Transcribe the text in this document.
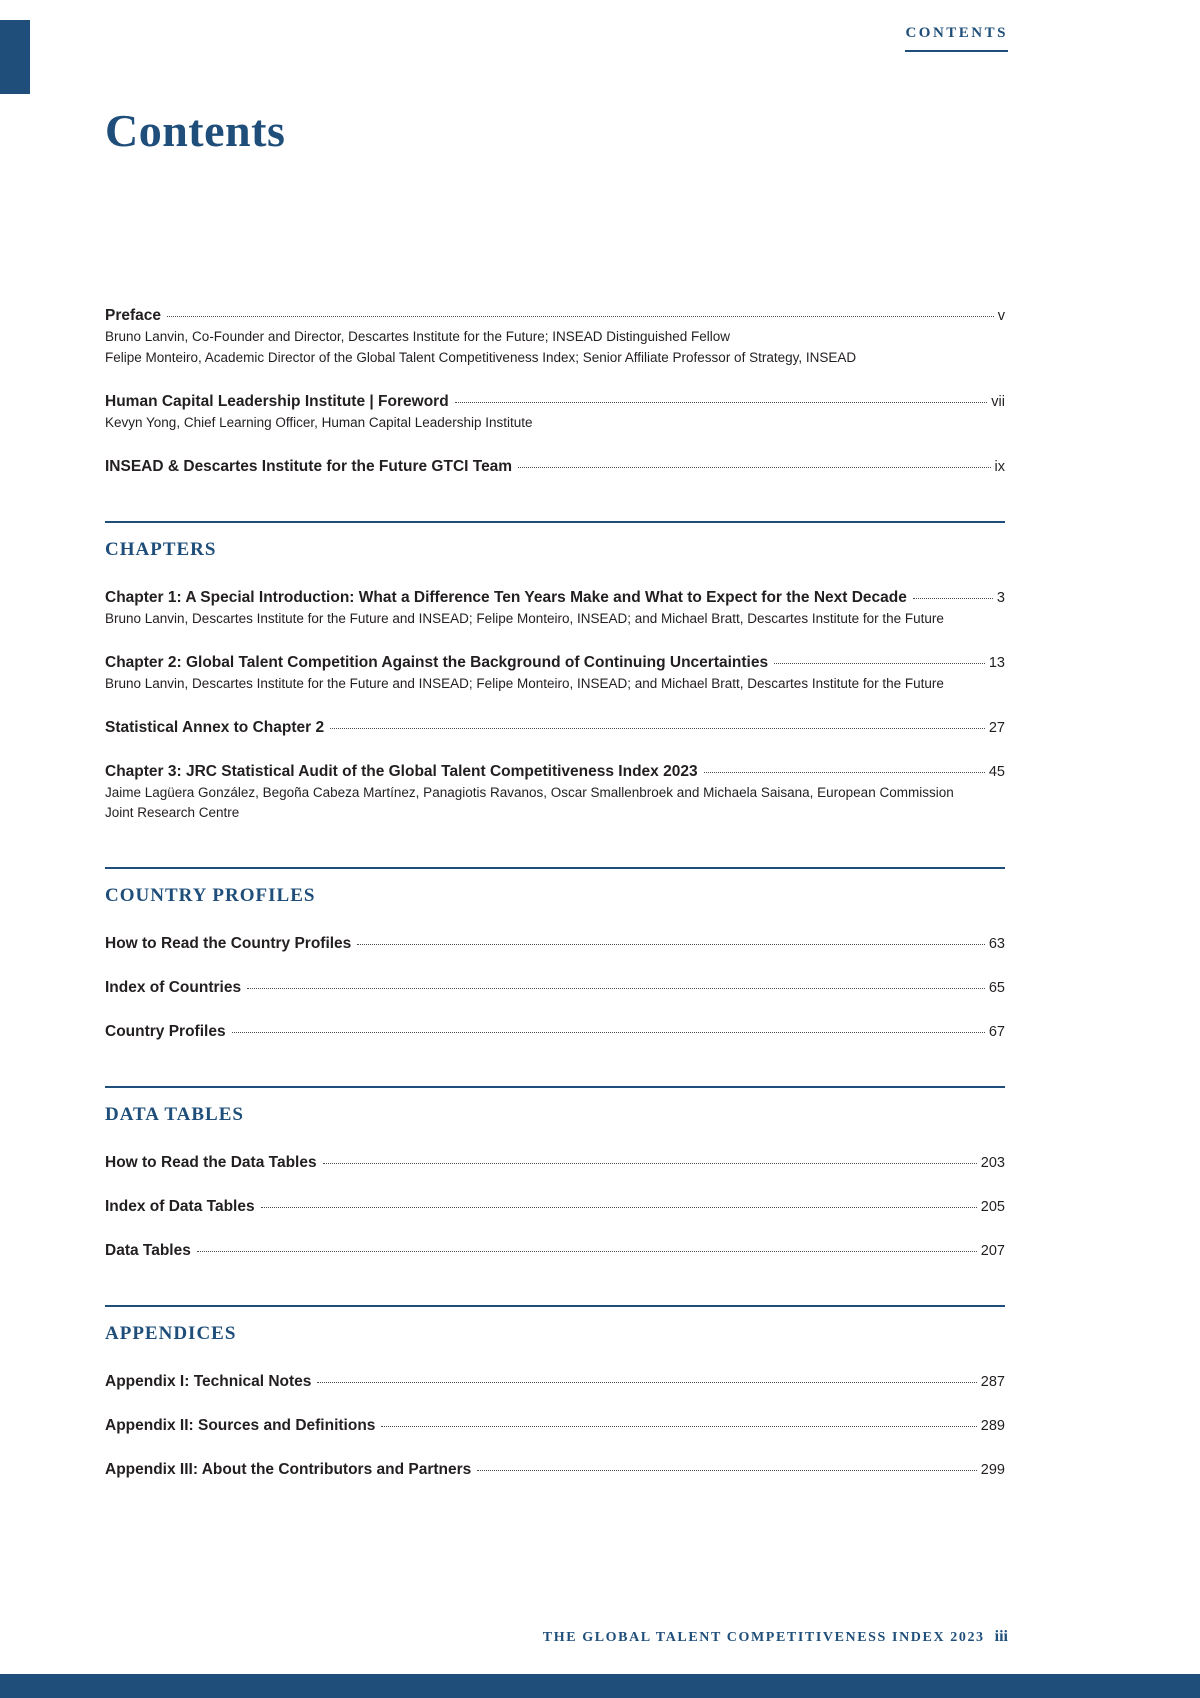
CONTENTS
Contents
Preface	v
Bruno Lanvin, Co-Founder and Director, Descartes Institute for the Future; INSEAD Distinguished Fellow
Felipe Monteiro, Academic Director of the Global Talent Competitiveness Index; Senior Affiliate Professor of Strategy, INSEAD
Human Capital Leadership Institute | Foreword	vii
Kevyn Yong, Chief Learning Officer, Human Capital Leadership Institute
INSEAD & Descartes Institute for the Future GTCI Team	ix
CHAPTERS
Chapter 1: A Special Introduction: What a Difference Ten Years Make and What to Expect for the Next Decade	3
Bruno Lanvin, Descartes Institute for the Future and INSEAD; Felipe Monteiro, INSEAD; and Michael Bratt, Descartes Institute for the Future
Chapter 2: Global Talent Competition Against the Background of Continuing Uncertainties	13
Bruno Lanvin, Descartes Institute for the Future and INSEAD; Felipe Monteiro, INSEAD; and Michael Bratt, Descartes Institute for the Future
Statistical Annex to Chapter 2	27
Chapter 3: JRC Statistical Audit of the Global Talent Competitiveness Index 2023	45
Jaime Lagüera González, Begoña Cabeza Martínez, Panagiotis Ravanos, Oscar Smallenbroek and Michaela Saisana, European Commission Joint Research Centre
COUNTRY PROFILES
How to Read the Country Profiles	63
Index of Countries	65
Country Profiles	67
DATA TABLES
How to Read the Data Tables	203
Index of Data Tables	205
Data Tables	207
APPENDICES
Appendix I: Technical Notes	287
Appendix II: Sources and Definitions	289
Appendix III: About the Contributors and Partners	299
THE GLOBAL TALENT COMPETITIVENESS INDEX 2023 iii
